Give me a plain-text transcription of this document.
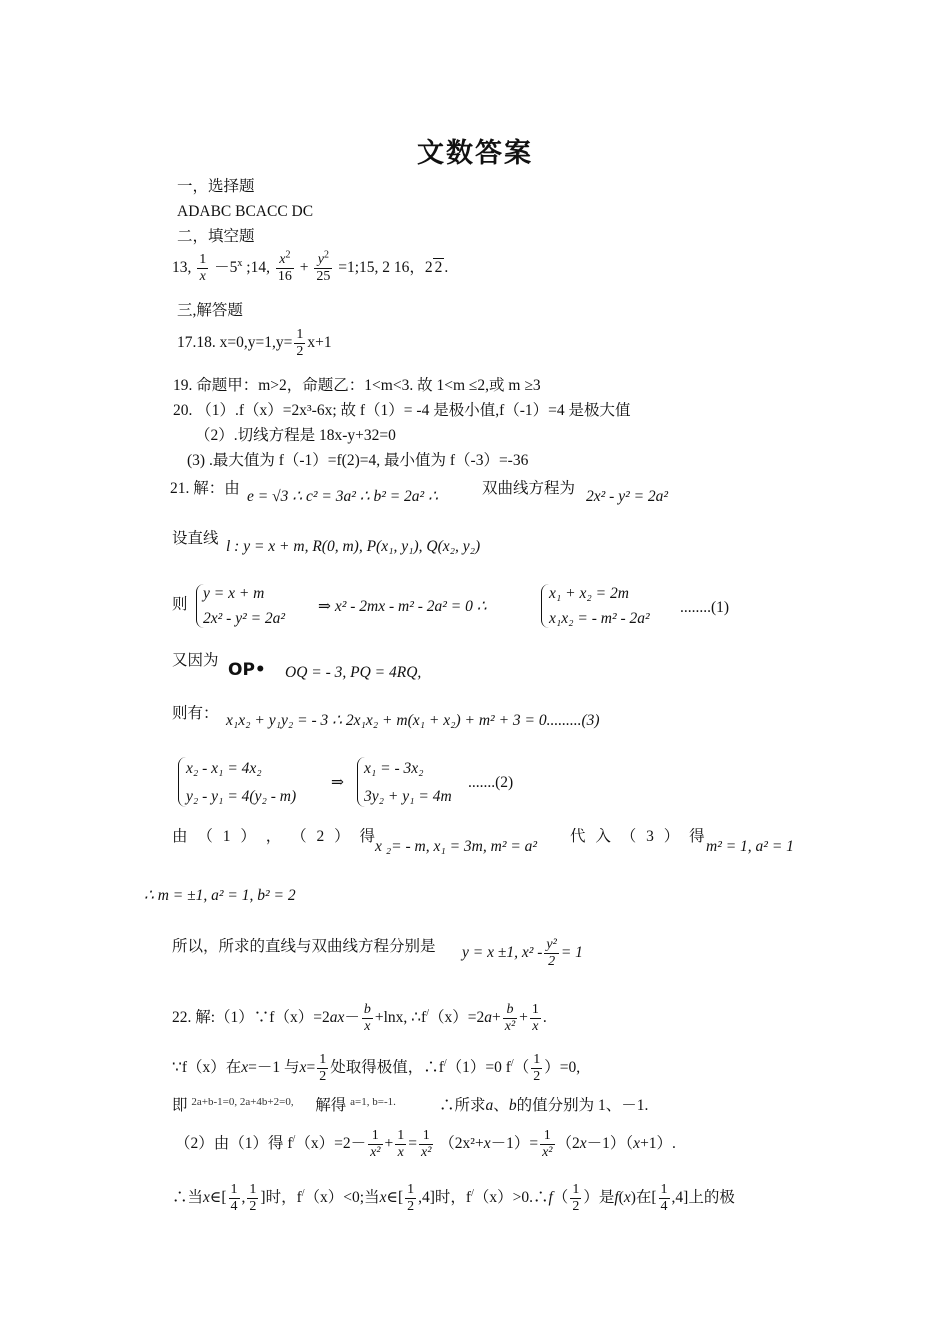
文数答案
一，选择题
ADABC BCACC DC
二，填空题
13, $\frac{1}{x} -5^x$ ;14, $\frac{x^2}{16} + \frac{y^2}{25}$ =1;15, 2 16，2 2 .
三,解答题
17.18. $x=0,y=1,y= \frac{1}{2} x+1$
19. 命题甲：m>2，命题乙：1<m<3. 故 1<m ≤2,或 m ≥3
20. （1）.f（x）=2x³-6x; 故 f（1）= -4 是极小值,f（-1）=4 是极大值
（2）.切线方程是 18x-y+32=0
(3) .最大值为 f（-1）=f(2)=4, 最小值为 f（-3）=-36
21. 解：由 e = √3 ∴ c² = 3a² ∴ b² = 2a² ∴	双曲线方程为 2x² - y² = 2a²
设直线 l : y = x + m, R(0, m), P(x₁, y₁), Q(x₂, y₂)
则
y = x + m
2x² - y² = 2a²
⇒ x² - 2mx - m² - 2a² = 0 ∴
x₁ + x₂ = 2m
x₁x₂ = - m² - 2a²
........(1)
又因为 OP• OQ = - 3, PQ = 4RQ,
则有： x₁x₂ + y₁y₂ = - 3 ∴ 2x₁x₂ + m(x₁ + x₂) + m² + 3 = 0.........(3)
x₂ - x₁ = 4x₂
y₂ - y₁ = 4(y₂ - m)
⇒
x₁ = - 3x₂
3y₂ + y₁ = 4m
.......(2)
由 （ 1 ） ， （ 2 ） 得
x ₂= - m, x₁ = 3m, m² = a²
代 入 （ 3 ） 得
m² = 1, a² = 1
∴ m = ±1, a² = 1, b² = 2
所以，所求的直线与双曲线方程分别是 y = x ±1, $x^2 - \frac{\text{y²}}{2} = 1$
22. 解:（1）∵f（x）=2ax－ $\frac{b}{x} +\ln x$, ∴f/（x）=2a+ $\frac{b}{\text{x²}} + \frac{1}{x}$ .
∵f（x）在x=－1 与$x= \frac{1}{2}$ 处取得极值，∴f/（1）=0 $f^/( \frac{1}{2} )=0$,
即 2a+b-1=0, 2a+4b+2=0, 解得 a=1, b=-1.	∴所求a、b的值分别为 1、－1.
（2）由（1）得 $f^/(x)=2- \frac{1}{\text{x²}} + \frac{1}{x} = \frac{1}{\text{x²}} (2x^2+x-1)= \frac{1}{\text{x²}} (2x-1)(x+1)$.
∴当x∈[ $\frac{1}{4}$ , $\frac{1}{2}$ ]时，f/（x）<0;当x∈[ $\frac{1}{2} ,4$]时，f/（x）>0.∴f（ $\frac{1}{2}$ ）是f(x)在[ $\frac{1}{4} ,4$]上的极
